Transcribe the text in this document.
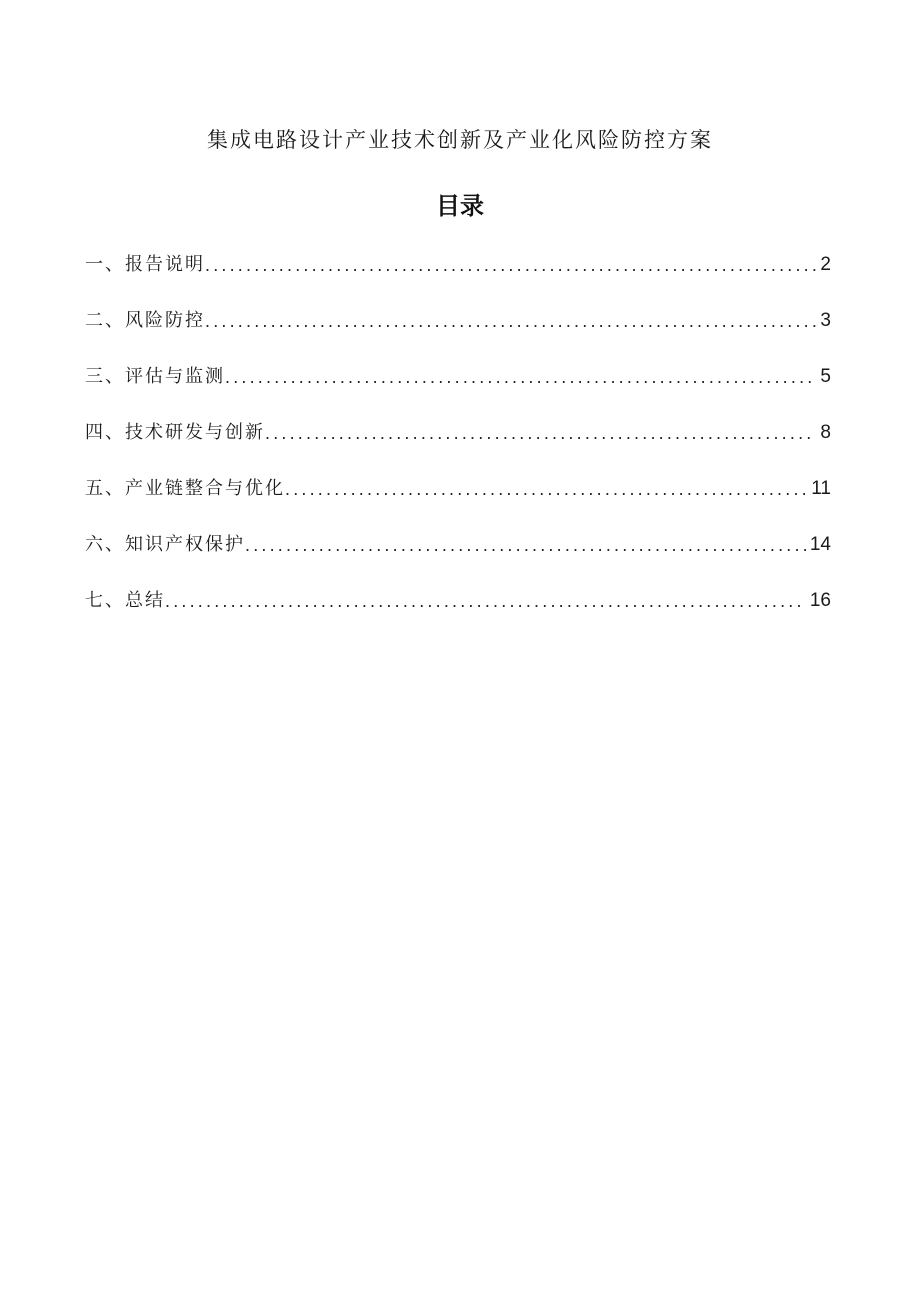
集成电路设计产业技术创新及产业化风险防控方案
目录
一、报告说明 .....	2
二、风险防控 .....	3
三、评估与监测 .....	5
四、技术研发与创新 .....	8
五、产业链整合与优化 .....	11
六、知识产权保护 .....	14
七、总结 .....	16
